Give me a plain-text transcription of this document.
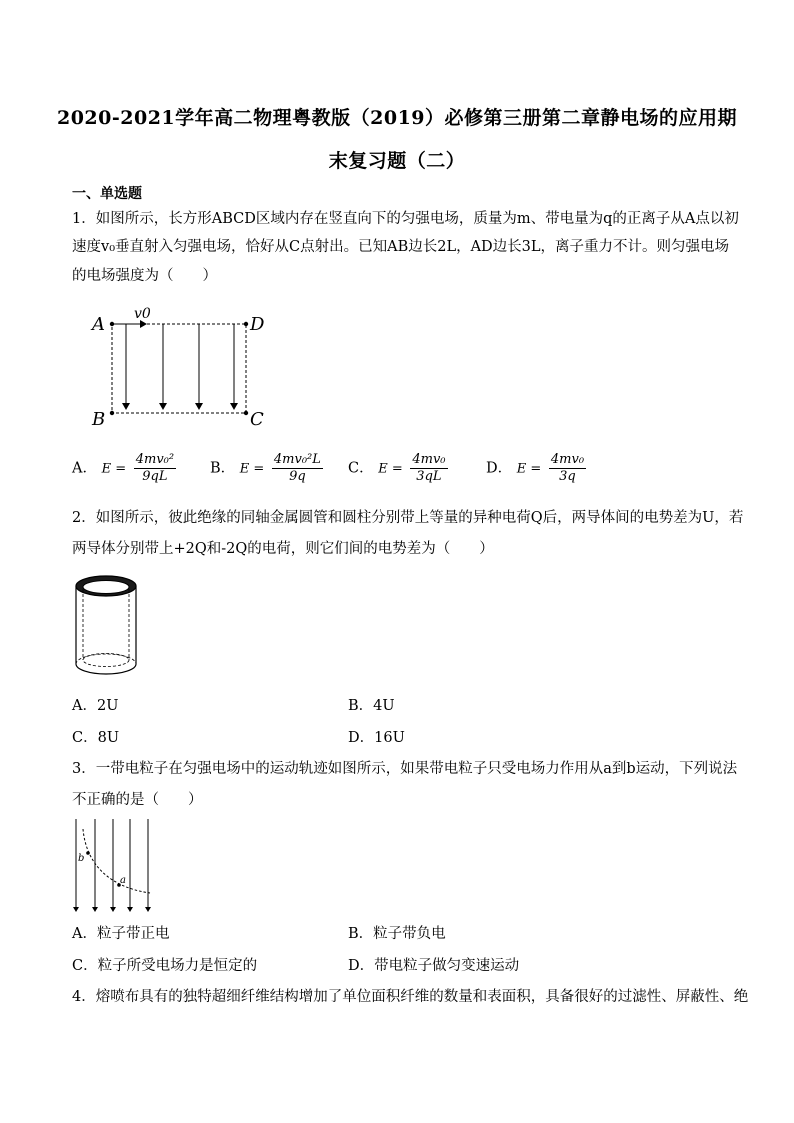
2020-2021学年高二物理粤教版（2019）必修第三册第二章静电场的应用期
末复习题（二）
一、单选题
1．如图所示，长方形ABCD区域内存在竖直向下的匀强电场，质量为m、带电量为q的正离子从A点以初
速度v₀垂直射入匀强电场，恰好从C点射出。已知AB边长2L，AD边长3L，离子重力不计。则匀强电场
的电场强度为（　　）
A	D
B	C
v0
A． $E = \frac{\text{4mv₀²}}{9qL}$ B． $E = \frac{\text{4mv₀²L}}{9q}$ C． $E = \frac{\text{4mv₀}}{3qL}$	D． $E = \frac{\text{4mv₀}}{3q}$
2．如图所示，彼此绝缘的同轴金属圆管和圆柱分别带上等量的异种电荷Q后，两导体间的电势差为U，若
两导体分别带上+2Q和-2Q的电荷，则它们间的电势差为（　　）
A．2U	B．4U
C．8U	D．16U
3．一带电粒子在匀强电场中的运动轨迹如图所示，如果带电粒子只受电场力作用从a到b运动，下列说法
不正确的是（　　）
b
a
A．粒子带正电	B．粒子带负电
C．粒子所受电场力是恒定的	D．带电粒子做匀变速运动
4．熔喷布具有的独特超细纤维结构增加了单位面积纤维的数量和表面积，具备很好的过滤性、屏蔽性、绝
